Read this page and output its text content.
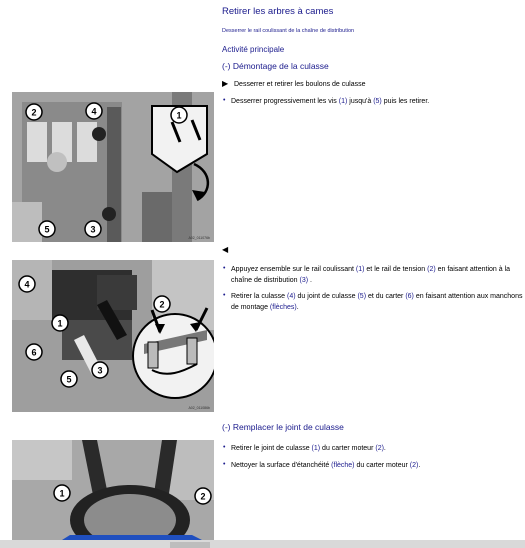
Retirer les arbres à cames
Desserrer le rail coulissant de la chaîne de distribution
Activité principale
(-) Démontage de la culasse
▶ Desserrer et retirer les boulons de culasse
• Desserrer progressivement les vis (1) jusqu'à (5) puis les retirer.
1
2	4
3
5
A02_011076b
◀
• Appuyez ensemble sur le rail coulissant (1) et le rail de tension (2) en faisant attention à la chaîne de distribution (3) .
• Retirer la culasse (4) du joint de culasse (5) et du carter (6) en faisant attention aux manchons de montage (flèches).
4
2
1
6
5
3
A02_011086b
(-) Remplacer le joint de culasse
• Retirer le joint de culasse (1) du carter moteur (2).
• Nettoyer la surface d'étanchéité (flèche) du carter moteur (2).
1	2
